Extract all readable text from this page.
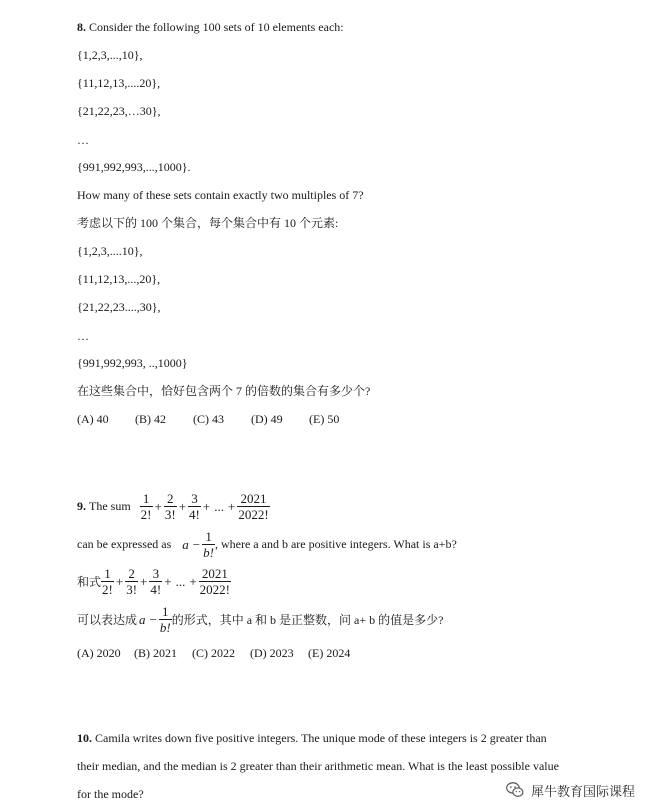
8. Consider the following 100 sets of 10 elements each:
{1,2,3,...,10},
{11,12,13,....20},
{21,22,23,…30},
…
{991,992,993,...,1000}.
How many of these sets contain exactly two multiples of 7?
考虑以下的 100 个集合，每个集合中有 10 个元素:
{1,2,3,....10},
{11,12,13,...,20},
{21,22,23....,30},
…
{991,992,993, ..,1000}
在这些集合中，恰好包含两个 7 的倍数的集合有多少个?
(A) 40 (B) 42 (C) 43 (D) 49 (E) 50
9.
The sum
$\frac{1}{2!} + \frac{2}{3!} + \frac{3}{4!}$ + ... + $\frac{2021}{2022!}$
can be expressed as
$a - \frac{1}{b!}$ , where a and b are positive integers. What is a+b?
和式 $\frac{1}{2!} + \frac{2}{3!} + \frac{3}{4!}$ + ... + $\frac{2021}{2022!}$
可以表达成 $a - \frac{1}{b!}$ 的形式，其中 a 和 b 是正整数，问 a+ b 的值是多少?
(A) 2020 (B) 2021 (C) 2022 (D) 2023 (E) 2024
10. Camila writes down five positive integers. The unique mode of these integers is 2 greater than
their median, and the median is 2 greater than their arithmetic mean. What is the least possible value
for the mode?	犀牛教育国际课程
